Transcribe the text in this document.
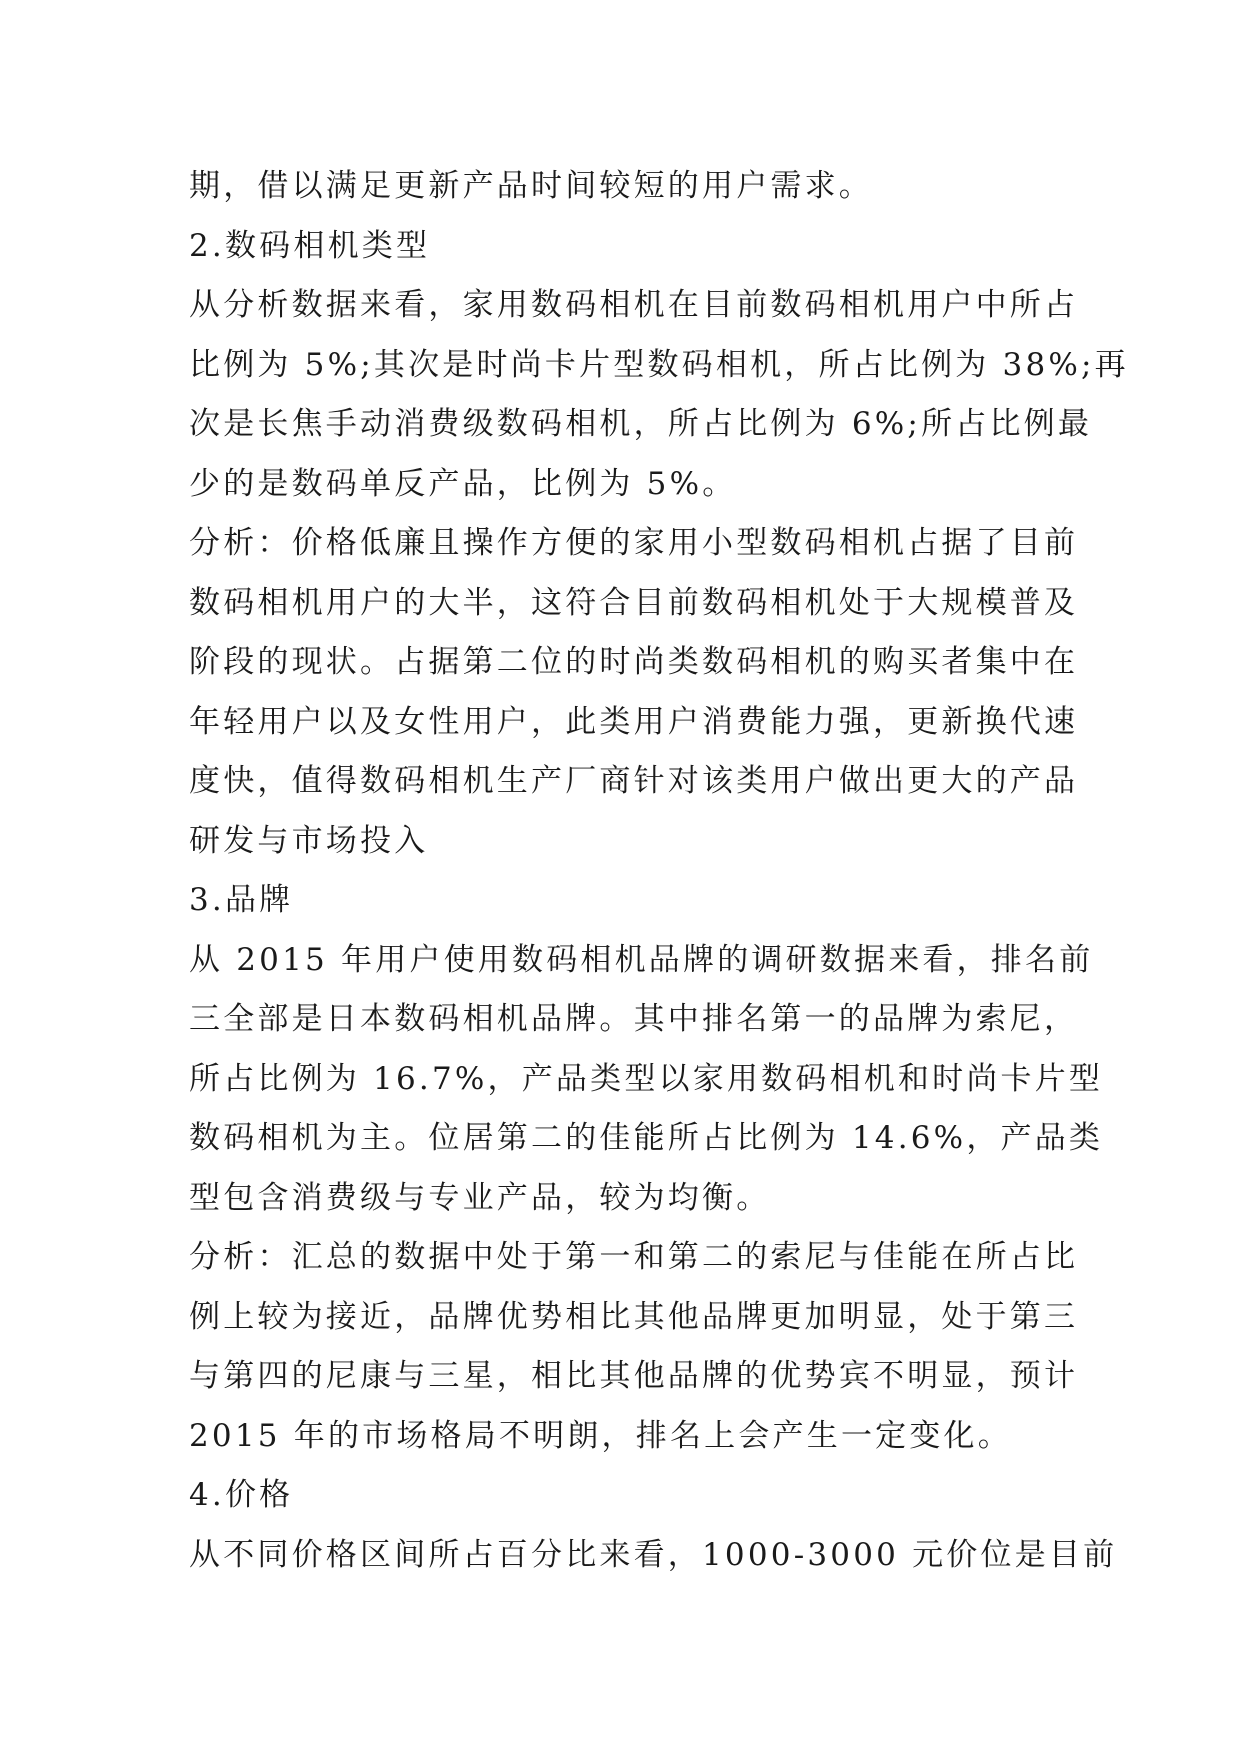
期，借以满足更新产品时间较短的用户需求。
2.数码相机类型
从分析数据来看，家用数码相机在目前数码相机用户中所占
比例为 5%;其次是时尚卡片型数码相机，所占比例为 38%;再
次是长焦手动消费级数码相机，所占比例为 6%;所占比例最
少的是数码单反产品，比例为 5%。
分析：价格低廉且操作方便的家用小型数码相机占据了目前
数码相机用户的大半，这符合目前数码相机处于大规模普及
阶段的现状。占据第二位的时尚类数码相机的购买者集中在
年轻用户以及女性用户，此类用户消费能力强，更新换代速
度快，值得数码相机生产厂商针对该类用户做出更大的产品
研发与市场投入
3.品牌
从 2015 年用户使用数码相机品牌的调研数据来看，排名前
三全部是日本数码相机品牌。其中排名第一的品牌为索尼，
所占比例为 16.7%，产品类型以家用数码相机和时尚卡片型
数码相机为主。位居第二的佳能所占比例为 14.6%，产品类
型包含消费级与专业产品，较为均衡。
分析：汇总的数据中处于第一和第二的索尼与佳能在所占比
例上较为接近，品牌优势相比其他品牌更加明显，处于第三
与第四的尼康与三星，相比其他品牌的优势宾不明显，预计
2015 年的市场格局不明朗，排名上会产生一定变化。
4.价格
从不同价格区间所占百分比来看，1000-3000 元价位是目前
